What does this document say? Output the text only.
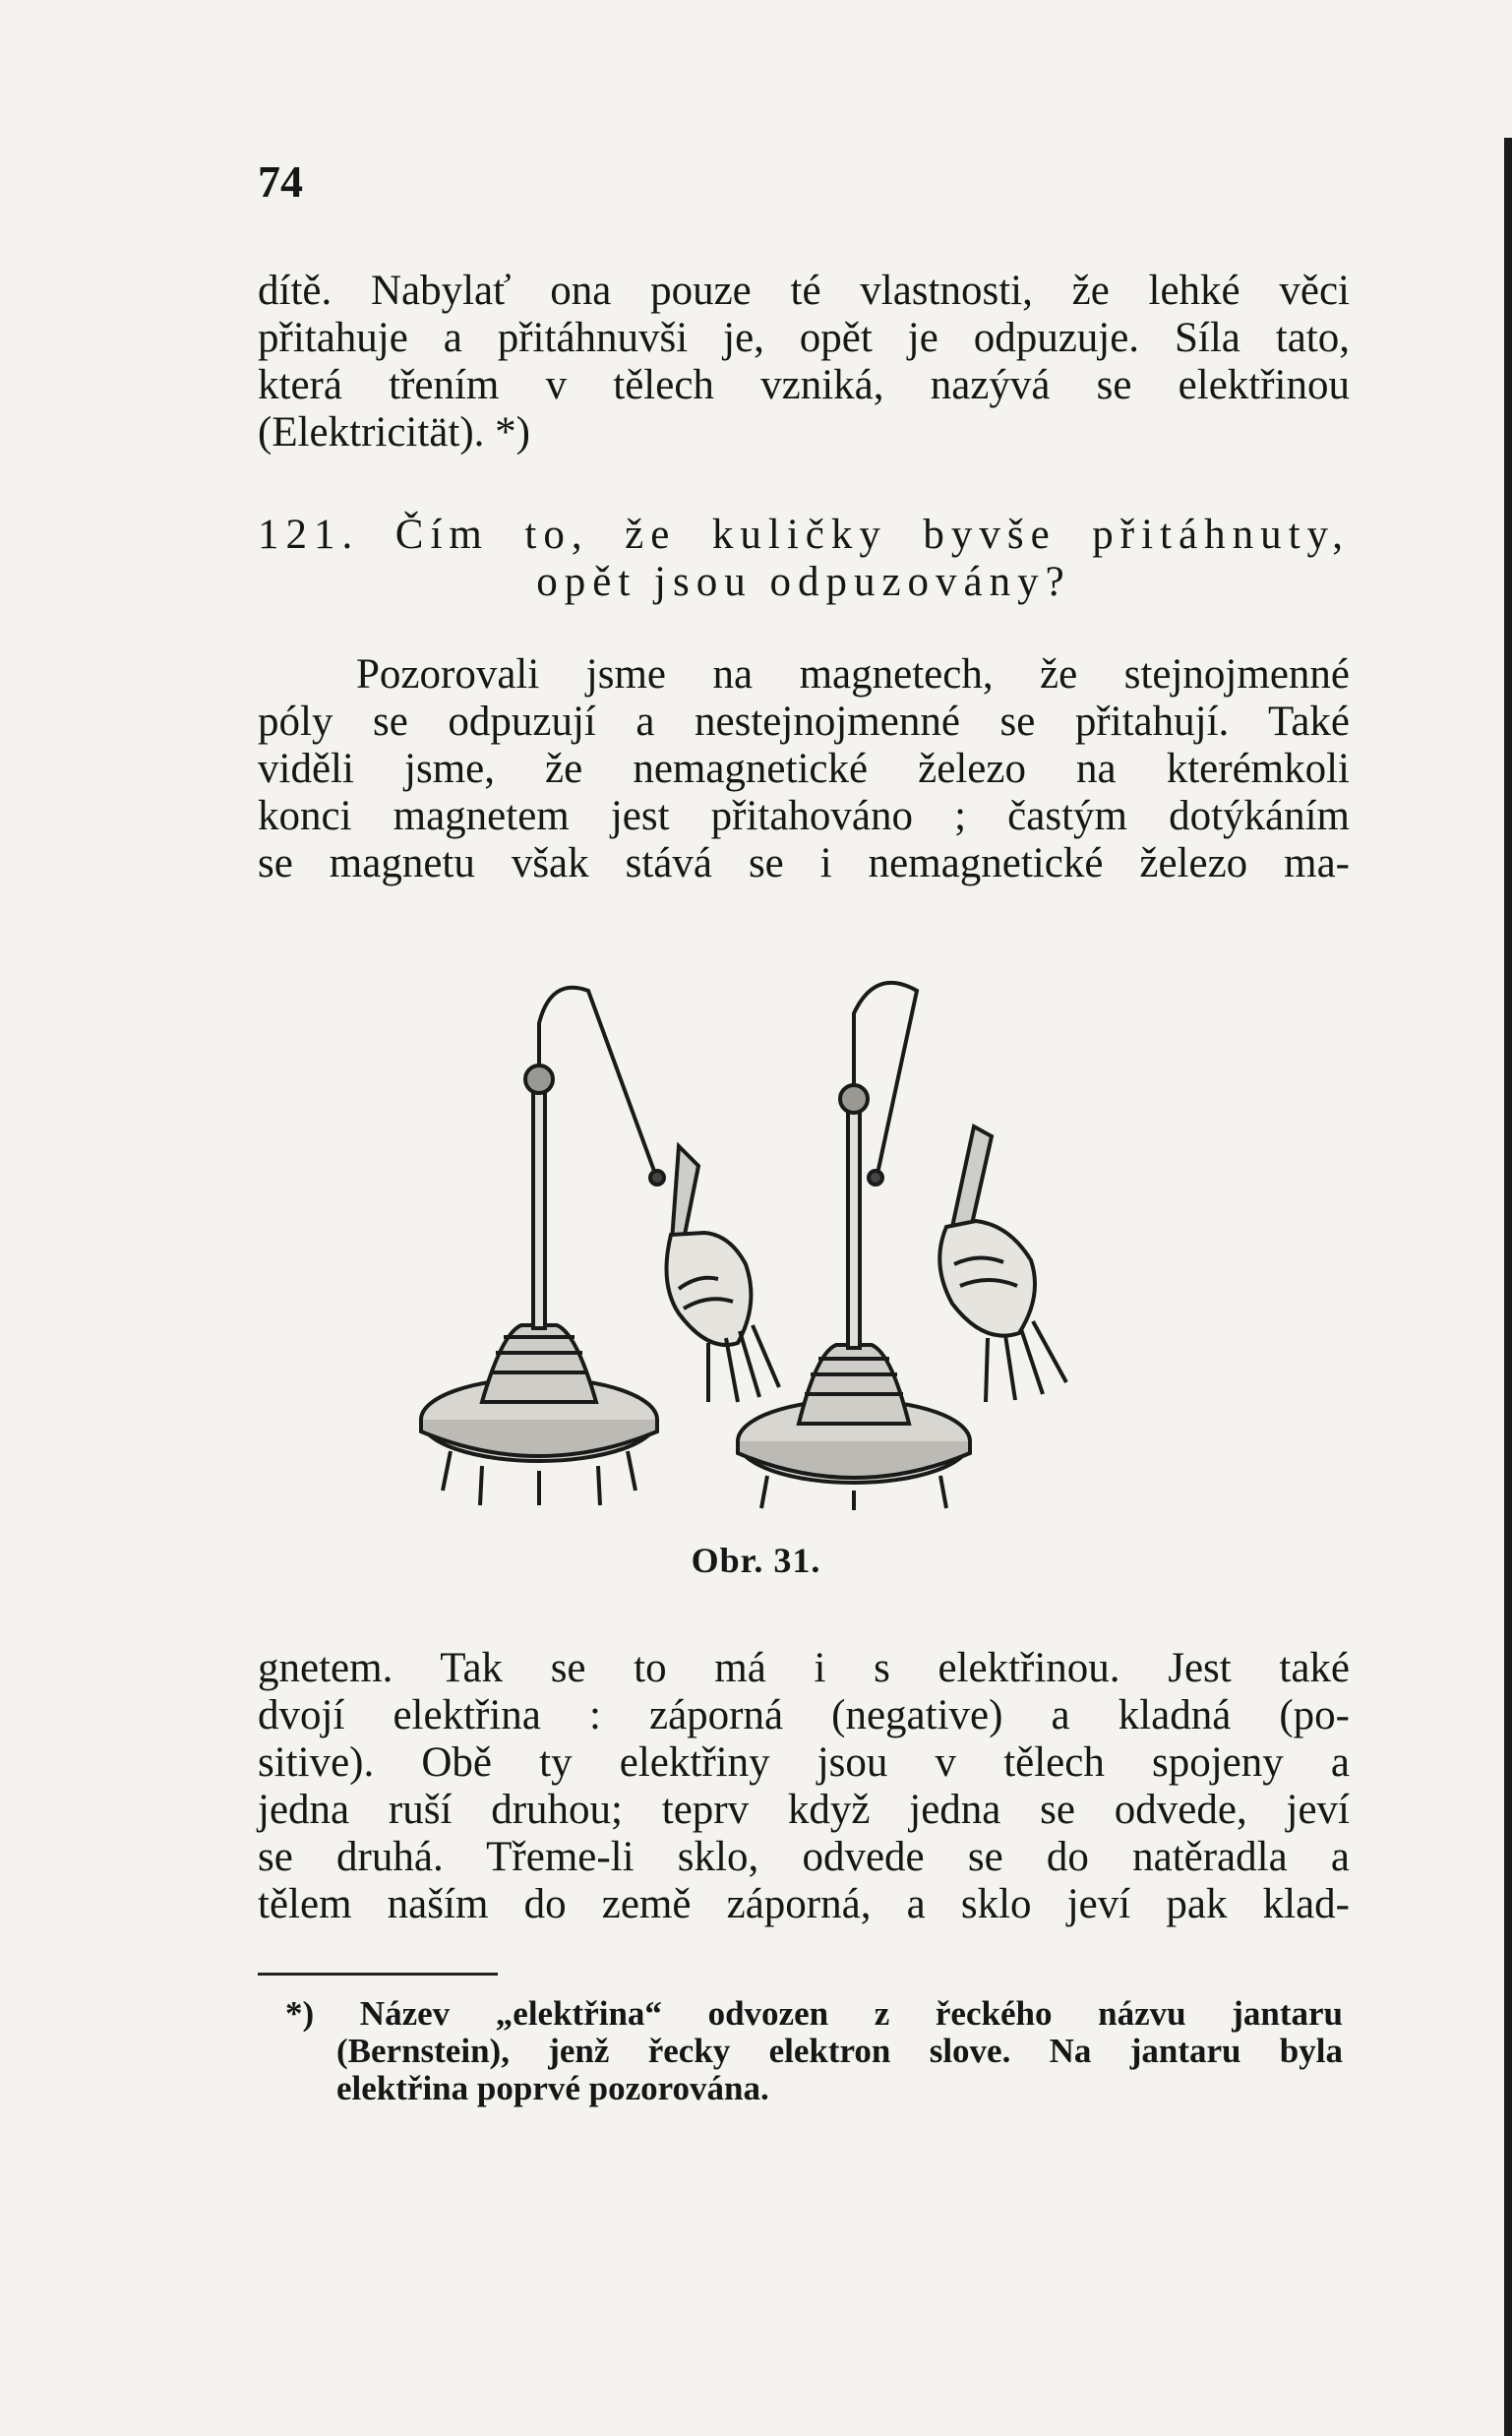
74
dítě. Nabylať ona pouze té vlastnosti, že lehké věci
přitahuje a přitáhnuvši je, opět je odpuzuje. Síla tato,
která třením v tělech vzniká, nazývá se elektřinou
(Elektricität). *)
121. Čím to, že kuličky byvše přitáhnuty,
opět jsou odpuzovány?
Pozorovali jsme na magnetech, že stejnojmenné
póly se odpuzují a nestejnojmenné se přitahují. Také
viděli jsme, že nemagnetické železo na kterémkoli
konci magnetem jest přitahováno ; častým dotýkáním
se magnetu však stává se i nemagnetické železo ma-
Obr. 31.
gnetem. Tak se to má i s elektřinou. Jest také
dvojí elektřina : záporná (negative) a kladná (po-
sitive). Obě ty elektřiny jsou v tělech spojeny a
jedna ruší druhou; teprv když jedna se odvede, jeví
se druhá. Třeme-li sklo, odvede se do natěradla a
tělem naším do země záporná, a sklo jeví pak klad-
*) Název „elektřina“ odvozen z řeckého názvu jantaru
(Bernstein), jenž řecky elektron slove. Na jantaru byla
elektřina poprvé pozorována.
